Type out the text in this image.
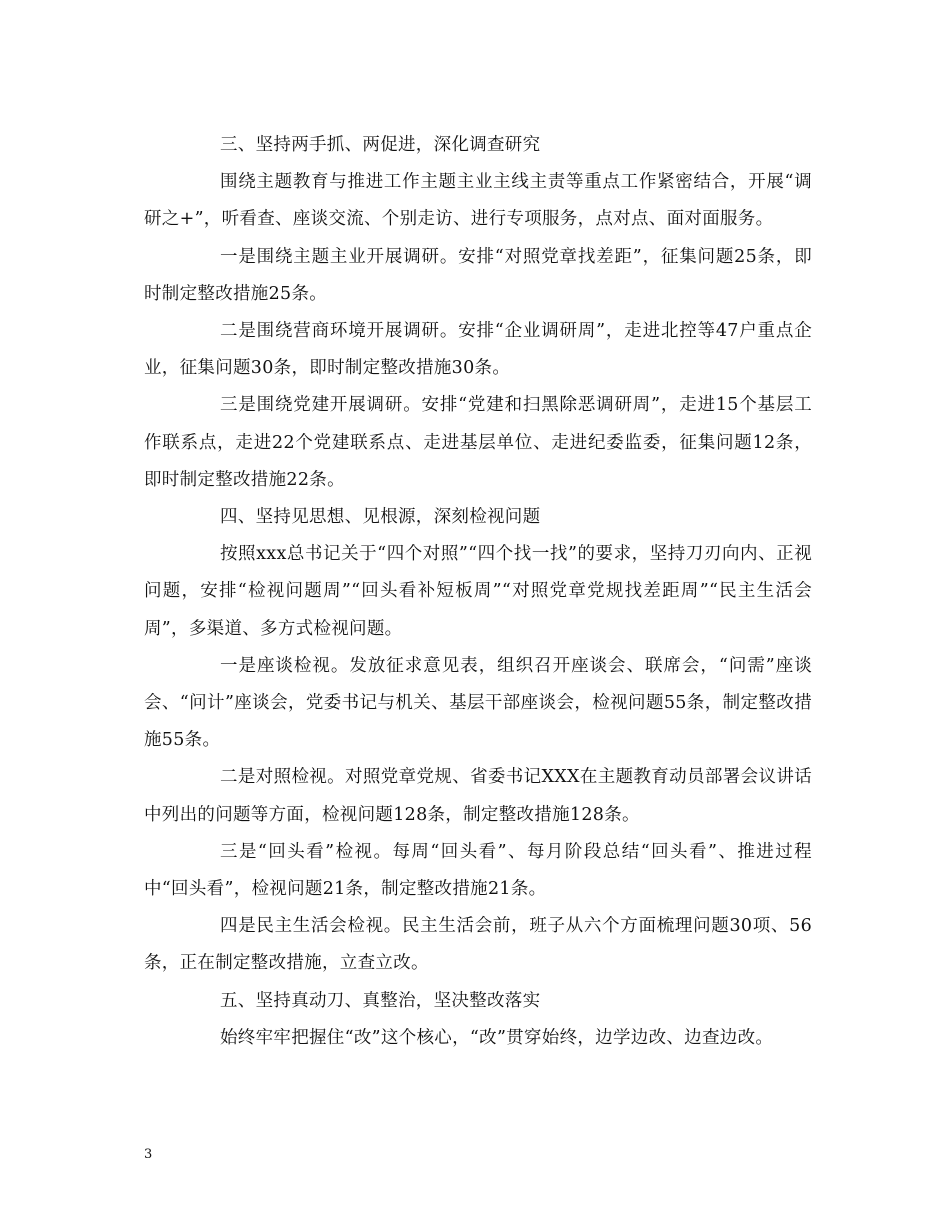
三、坚持两手抓、两促进，深化调查研究

围绕主题教育与推进工作主题主业主线主责等重点工作紧密结合，开展“调研之+”，听看查、座谈交流、个别走访、进行专项服务，点对点、面对面服务。

一是围绕主题主业开展调研。安排“对照党章找差距”，征集问题25条，即时制定整改措施25条。

二是围绕营商环境开展调研。安排“企业调研周”，走进北控等47户重点企业，征集问题30条，即时制定整改措施30条。

三是围绕党建开展调研。安排“党建和扫黑除恶调研周”，走进15个基层工作联系点，走进22个党建联系点、走进基层单位、走进纪委监委，征集问题12条，即时制定整改措施22条。

四、坚持见思想、见根源，深刻检视问题

按照xxx总书记关于“四个对照”“四个找一找”的要求，坚持刀刃向内、正视问题，安排“检视问题周”“回头看补短板周”“对照党章党规找差距周”“民主生活会周”，多渠道、多方式检视问题。

一是座谈检视。发放征求意见表，组织召开座谈会、联席会，“问需”座谈会、“问计”座谈会，党委书记与机关、基层干部座谈会，检视问题55条，制定整改措施55条。

二是对照检视。对照党章党规、省委书记XXX在主题教育动员部署会议讲话中列出的问题等方面，检视问题128条，制定整改措施128条。

三是“回头看”检视。每周“回头看”、每月阶段总结“回头看”、推进过程中“回头看”，检视问题21条，制定整改措施21条。

四是民主生活会检视。民主生活会前，班子从六个方面梳理问题30项、56条，正在制定整改措施，立查立改。

五、坚持真动刀、真整治，坚决整改落实

始终牢牢把握住“改”这个核心，“改”贯穿始终，边学边改、边查边改。

3
